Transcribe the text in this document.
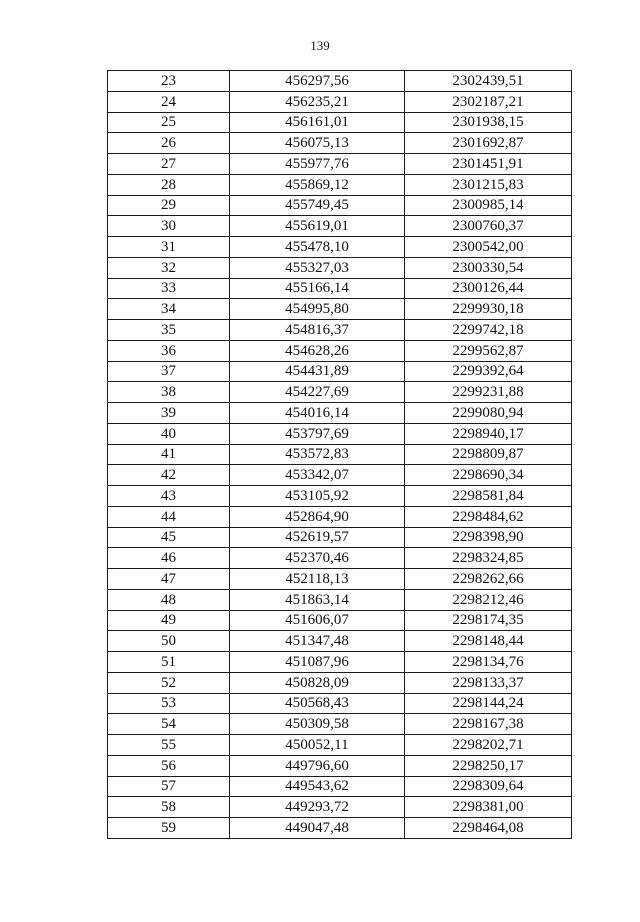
139
23	456297,56	2302439,51
24	456235,21	2302187,21
25	456161,01	2301938,15
26	456075,13	2301692,87
27	455977,76	2301451,91
28	455869,12	2301215,83
29	455749,45	2300985,14
30	455619,01	2300760,37
31	455478,10	2300542,00
32	455327,03	2300330,54
33	455166,14	2300126,44
34	454995,80	2299930,18
35	454816,37	2299742,18
36	454628,26	2299562,87
37	454431,89	2299392,64
38	454227,69	2299231,88
39	454016,14	2299080,94
40	453797,69	2298940,17
41	453572,83	2298809,87
42	453342,07	2298690,34
43	453105,92	2298581,84
44	452864,90	2298484,62
45	452619,57	2298398,90
46	452370,46	2298324,85
47	452118,13	2298262,66
48	451863,14	2298212,46
49	451606,07	2298174,35
50	451347,48	2298148,44
51	451087,96	2298134,76
52	450828,09	2298133,37
53	450568,43	2298144,24
54	450309,58	2298167,38
55	450052,11	2298202,71
56	449796,60	2298250,17
57	449543,62	2298309,64
58	449293,72	2298381,00
59	449047,48	2298464,08
